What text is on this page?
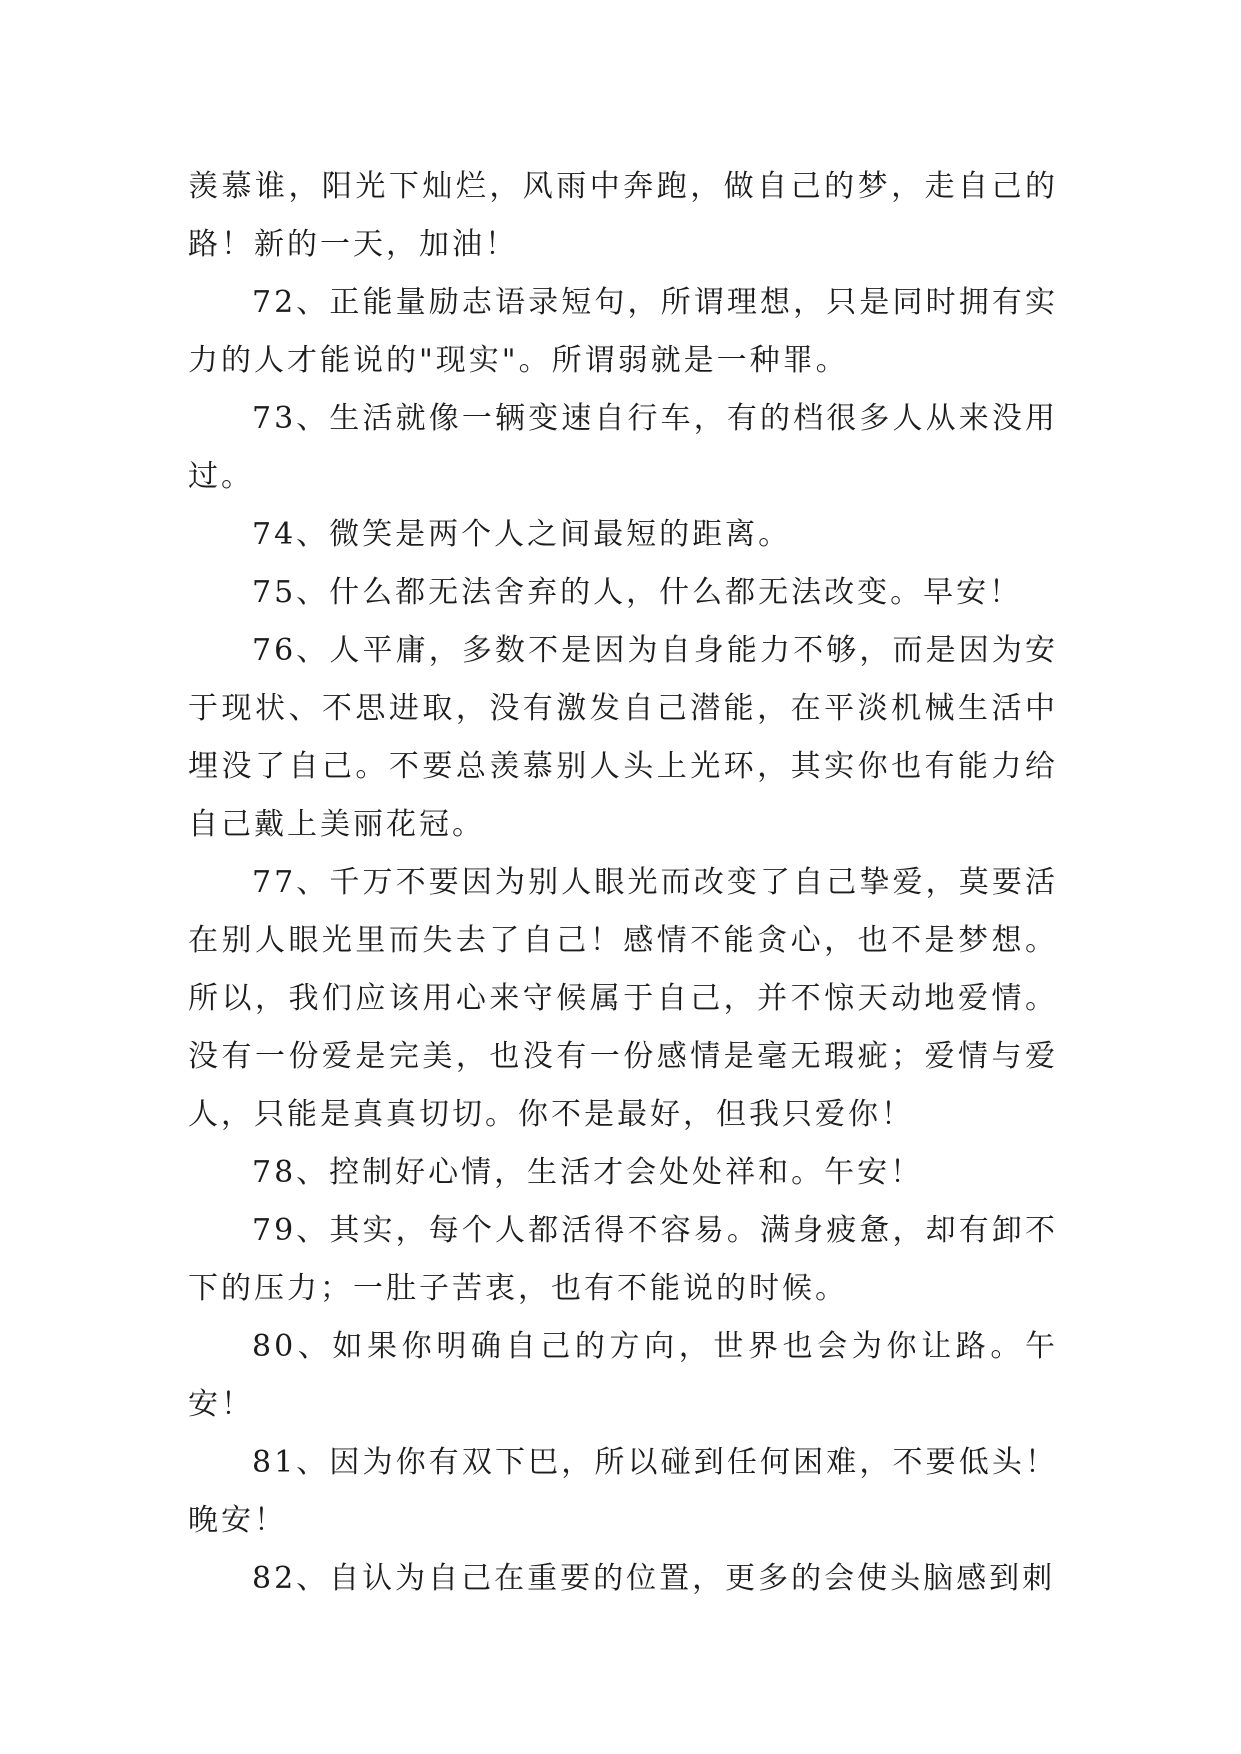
羡慕谁，阳光下灿烂，风雨中奔跑，做自己的梦，走自己的路！新的一天，加油！

72、正能量励志语录短句，所谓理想，只是同时拥有实力的人才能说的"现实"。所谓弱就是一种罪。

73、生活就像一辆变速自行车，有的档很多人从来没用过。

74、微笑是两个人之间最短的距离。

75、什么都无法舍弃的人，什么都无法改变。早安！

76、人平庸，多数不是因为自身能力不够，而是因为安于现状、不思进取，没有激发自己潜能，在平淡机械生活中埋没了自己。不要总羡慕别人头上光环，其实你也有能力给自己戴上美丽花冠。

77、千万不要因为别人眼光而改变了自己挚爱，莫要活在别人眼光里而失去了自己！感情不能贪心，也不是梦想。所以，我们应该用心来守候属于自己，并不惊天动地爱情。没有一份爱是完美，也没有一份感情是毫无瑕疵；爱情与爱人，只能是真真切切。你不是最好，但我只爱你！

78、控制好心情，生活才会处处祥和。午安！

79、其实，每个人都活得不容易。满身疲惫，却有卸不下的压力；一肚子苦衷，也有不能说的时候。

80、如果你明确自己的方向，世界也会为你让路。午安！

81、因为你有双下巴，所以碰到任何困难，不要低头！晚安！

82、自认为自己在重要的位置，更多的会使头脑感到刺
